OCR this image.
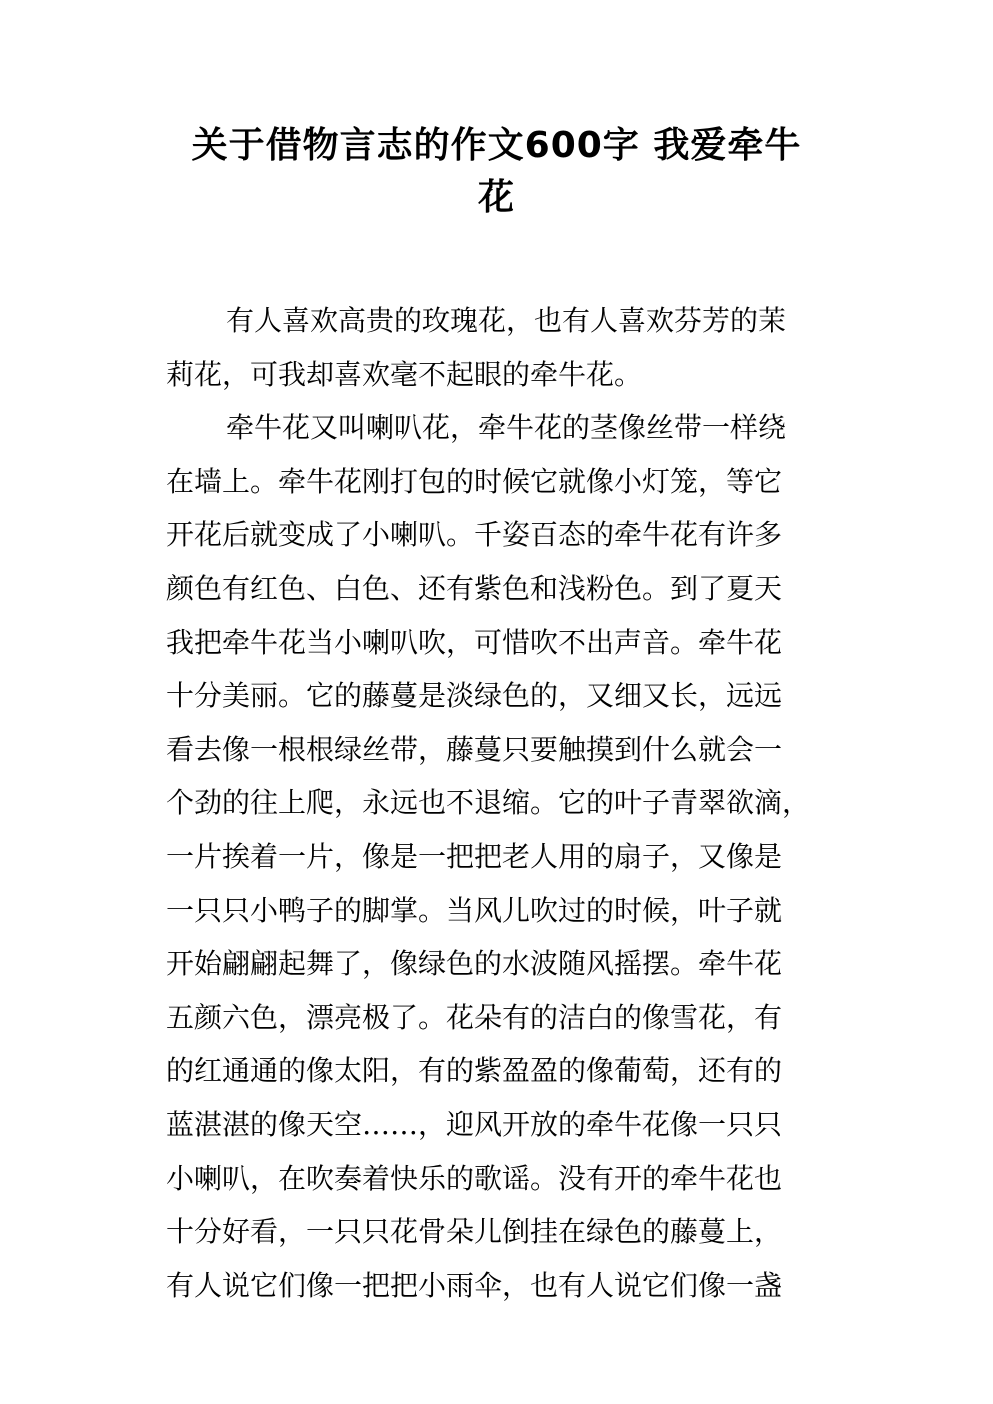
关于借物言志的作文600字 我爱牵牛
花
有人喜欢高贵的玫瑰花，也有人喜欢芬芳的茉
莉花，可我却喜欢毫不起眼的牵牛花。
牵牛花又叫喇叭花，牵牛花的茎像丝带一样绕
在墙上。牵牛花刚打包的时候它就像小灯笼，等它
开花后就变成了小喇叭。千姿百态的牵牛花有许多
颜色有红色、白色、还有紫色和浅粉色。到了夏天
我把牵牛花当小喇叭吹，可惜吹不出声音。牵牛花
十分美丽。它的藤蔓是淡绿色的，又细又长，远远
看去像一根根绿丝带，藤蔓只要触摸到什么就会一
个劲的往上爬，永远也不退缩。它的叶子青翠欲滴，
一片挨着一片，像是一把把老人用的扇子，又像是
一只只小鸭子的脚掌。当风儿吹过的时候，叶子就
开始翩翩起舞了，像绿色的水波随风摇摆。牵牛花
五颜六色，漂亮极了。花朵有的洁白的像雪花，有
的红通通的像太阳，有的紫盈盈的像葡萄，还有的
蓝湛湛的像天空……，迎风开放的牵牛花像一只只
小喇叭，在吹奏着快乐的歌谣。没有开的牵牛花也
十分好看，一只只花骨朵儿倒挂在绿色的藤蔓上，
有人说它们像一把把小雨伞，也有人说它们像一盏
